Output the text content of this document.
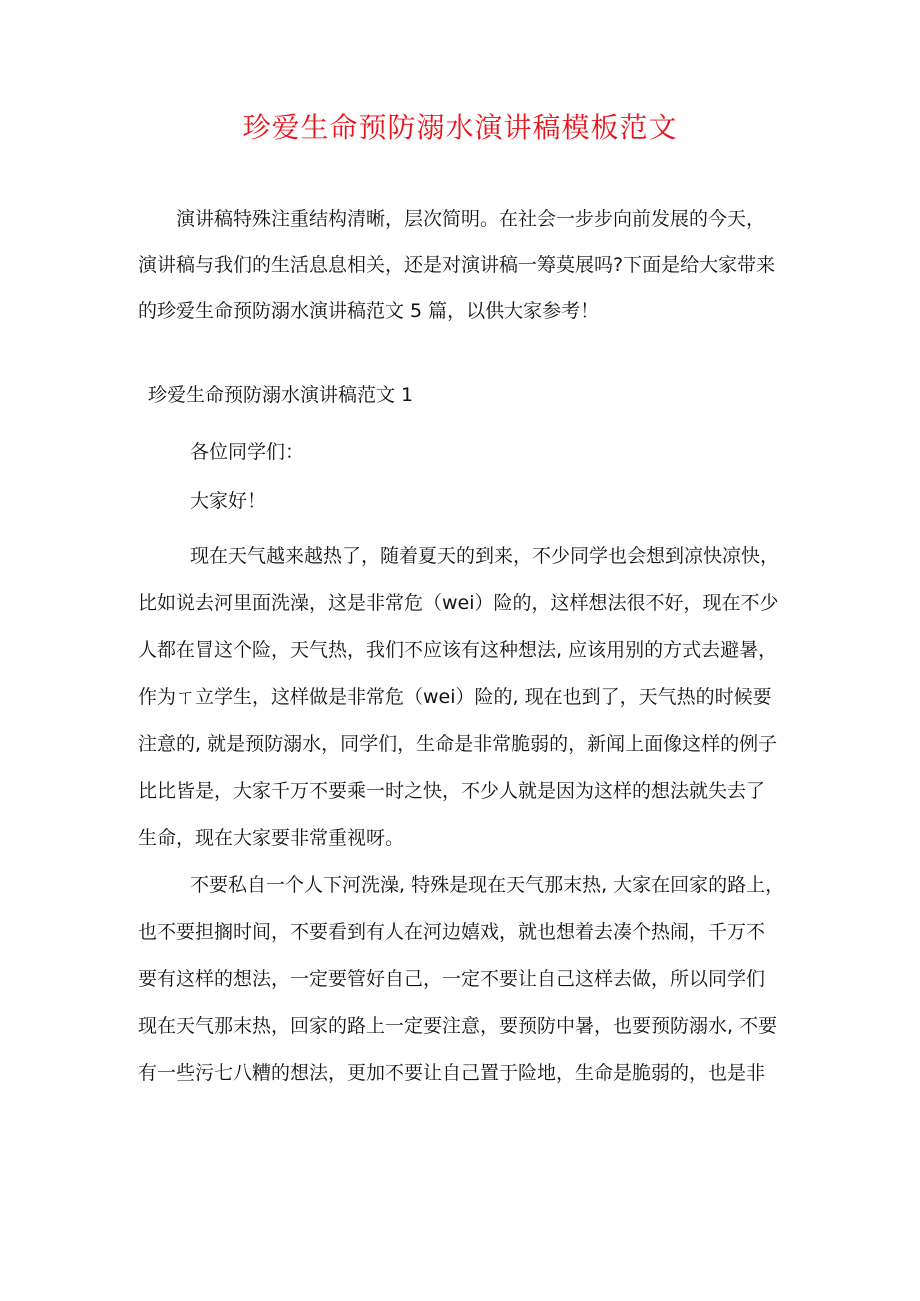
珍爱生命预防溺水演讲稿模板范文
演讲稿特殊注重结构清晰，层次简明。在社会一步步向前发展的今天，
演讲稿与我们的生活息息相关，还是对演讲稿一筹莫展吗?下面是给大家带来
的珍爱生命预防溺水演讲稿范文 5 篇，以供大家参考！
珍爱生命预防溺水演讲稿范文 1

各位同学们：

大家好！

现在天气越来越热了，随着夏天的到来，不少同学也会想到凉快凉快，
比如说去河里面洗澡，这是非常危（wei）险的，这样想法很不好，现在不少
人都在冒这个险，天气热，我们不应该有这种想法, 应该用别的方式去避暑，
作为ㄒ立学生，这样做是非常危（wei）险的, 现在也到了，天气热的时候要
注意的, 就是预防溺水，同学们，生命是非常脆弱的，新闻上面像这样的例子
比比皆是，大家千万不要乘一时之快，不少人就是因为这样的想法就失去了
生命，现在大家要非常重视呀。
不要私自一个人下河洗澡, 特殊是现在天气那末热, 大家在回家的路上，
也不要担搁时间，不要看到有人在河边嬉戏，就也想着去凑个热闹，千万不
要有这样的想法，一定要管好自己，一定不要让自己这样去做，所以同学们
现在天气那末热，回家的路上一定要注意，要预防中暑，也要预防溺水, 不要
有一些污七八糟的想法，更加不要让自己置于险地，生命是脆弱的，也是非
